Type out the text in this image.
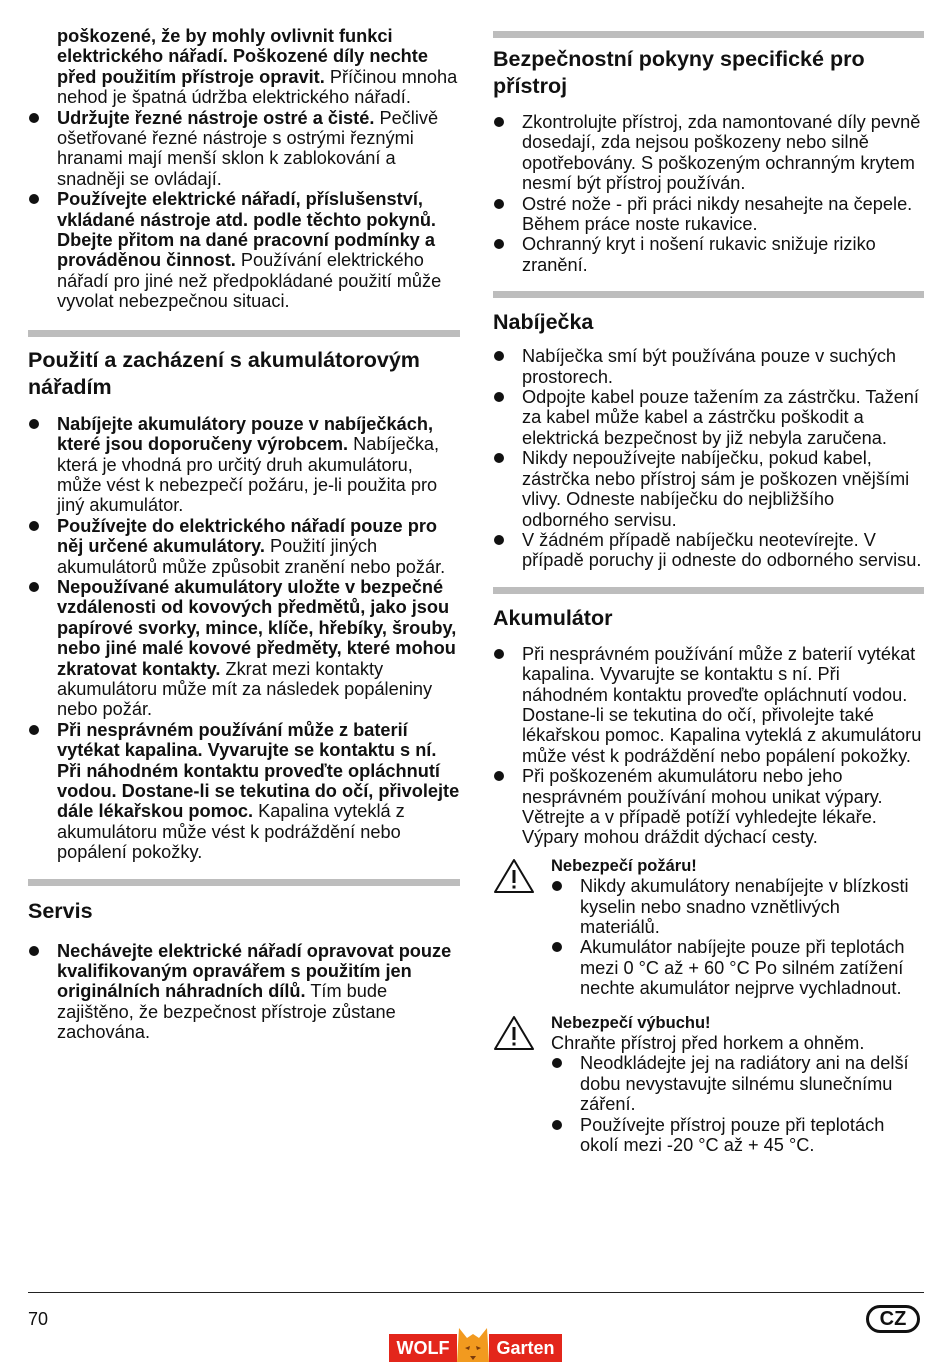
poškozené, že by mohly ovlivnit funkci elektrického nářadí. Poškozené díly nechte před použitím přístroje opravit. Příčinou mnoha nehod je špatná údržba elektrického nářadí.

Udržujte řezné nástroje ostré a čisté. Pečlivě ošetřované řezné nástroje s ostrými řeznými hranami mají menší sklon k zablokování a snadněji se ovládají.

Používejte elektrické nářadí, příslušenství, vkládané nástroje atd. podle těchto pokynů. Dbejte přitom na dané pracovní podmínky a prováděnou činnost. Používání elektrického nářadí pro jiné než předpokládané použití může vyvolat nebezpečnou situaci.

Použití a zacházení s akumulátorovým nářadím

Nabíjejte akumulátory pouze v nabíječkách, které jsou doporučeny výrobcem. Nabíječka, která je vhodná pro určitý druh akumulátoru, může vést k nebezpečí požáru, je-li použita pro jiný akumulátor.

Používejte do elektrického nářadí pouze pro něj určené akumulátory. Použití jiných akumulátorů může způsobit zranění nebo požár.

Nepoužívané akumulátory uložte v bezpečné vzdálenosti od kovových předmětů, jako jsou papírové svorky, mince, klíče, hřebíky, šrouby, nebo jiné malé kovové předměty, které mohou zkratovat kontakty. Zkrat mezi kontakty akumulátoru může mít za následek popáleniny nebo požár.

Při nesprávném používání může z baterií vytékat kapalina. Vyvarujte se kontaktu s ní. Při náhodném kontaktu proveďte opláchnutí vodou. Dostane-li se tekutina do očí, přivolejte dále lékařskou pomoc. Kapalina vyteklá z akumulátoru může vést k podráždění nebo popálení pokožky.

Servis

Nechávejte elektrické nářadí opravovat pouze kvalifikovaným opravářem s použitím jen originálních náhradních dílů. Tím bude zajištěno, že bezpečnost přístroje zůstane zachována.

Bezpečnostní pokyny specifické pro přístroj

Zkontrolujte přístroj, zda namontované díly pevně dosedají, zda nejsou poškozeny nebo silně opotřebovány. S poškozeným ochranným krytem nesmí být přístroj používán.

Ostré nože - při práci nikdy nesahejte na čepele. Během práce noste rukavice.

Ochranný kryt i nošení rukavic snižuje riziko zranění.

Nabíječka

Nabíječka smí být používána pouze v suchých prostorech.

Odpojte kabel pouze tažením za zástrčku. Tažení za kabel může kabel a zástrčku poškodit a elektrická bezpečnost by již nebyla zaručena.

Nikdy nepoužívejte nabíječku, pokud kabel, zástrčka nebo přístroj sám je poškozen vnějšími vlivy. Odneste nabíječku do nejbližšího odborného servisu.

V žádném případě nabíječku neotevírejte. V případě poruchy ji odneste do odborného servisu.

Akumulátor

Při nesprávném používání může z baterií vytékat kapalina. Vyvarujte se kontaktu s ní. Při náhodném kontaktu proveďte opláchnutí vodou. Dostane-li se tekutina do očí, přivolejte také lékařskou pomoc. Kapalina vyteklá z akumulátoru může vést k podráždění nebo popálení pokožky.

Při poškozeném akumulátoru nebo jeho nesprávném používání mohou unikat výpary. Větrejte a v případě potíží vyhledejte lékaře. Výpary mohou dráždit dýchací cesty.

Nebezpečí požáru!

Nikdy akumulátory nenabíjejte v blízkosti kyselin nebo snadno vznětlivých materiálů.

Akumulátor nabíjejte pouze při teplotách mezi 0 °C až + 60 °C Po silném zatížení nechte akumulátor nejprve vychladnout.

Nebezpečí výbuchu!

Chraňte přístroj před horkem a ohněm.

Neodkládejte jej na radiátory ani na delší dobu nevystavujte silnému slunečnímu záření.

Používejte přístroj pouze při teplotách okolí mezi -20 °C až + 45 °C.

70	CZ
WOLF	Garten
